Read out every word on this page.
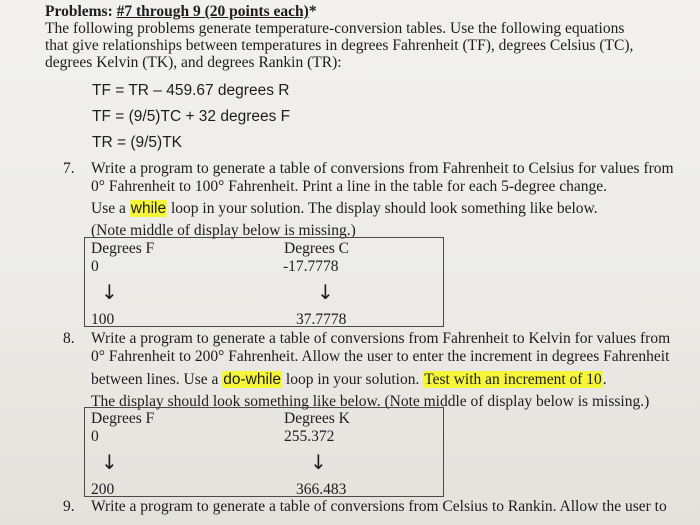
Problems: #7 through 9 (20 points each)*
The following problems generate temperature-conversion tables. Use the following equations
that give relationships between temperatures in degrees Fahrenheit (TF), degrees Celsius (TC),
degrees Kelvin (TK), and degrees Rankin (TR):
TF = TR – 459.67 degrees R
TF = (9/5)TC + 32 degrees F
TR = (9/5)TK
7. Write a program to generate a table of conversions from Fahrenheit to Celsius for values from
0° Fahrenheit to 100° Fahrenheit. Print a line in the table for each 5-degree change.
Use a while loop in your solution. The display should look something like below.
(Note middle of display below is missing.)
Degrees F	Degrees C
0	-17.7778
↓	↓
100	37.7778
8. Write a program to generate a table of conversions from Fahrenheit to Kelvin for values from
0° Fahrenheit to 200° Fahrenheit. Allow the user to enter the increment in degrees Fahrenheit
between lines. Use a do-while loop in your solution. Test with an increment of 10.
The display should look something like below. (Note middle of display below is missing.)
Degrees F	Degrees K
0	255.372
↓	↓
200	366.483
9. Write a program to generate a table of conversions from Celsius to Rankin. Allow the user to
